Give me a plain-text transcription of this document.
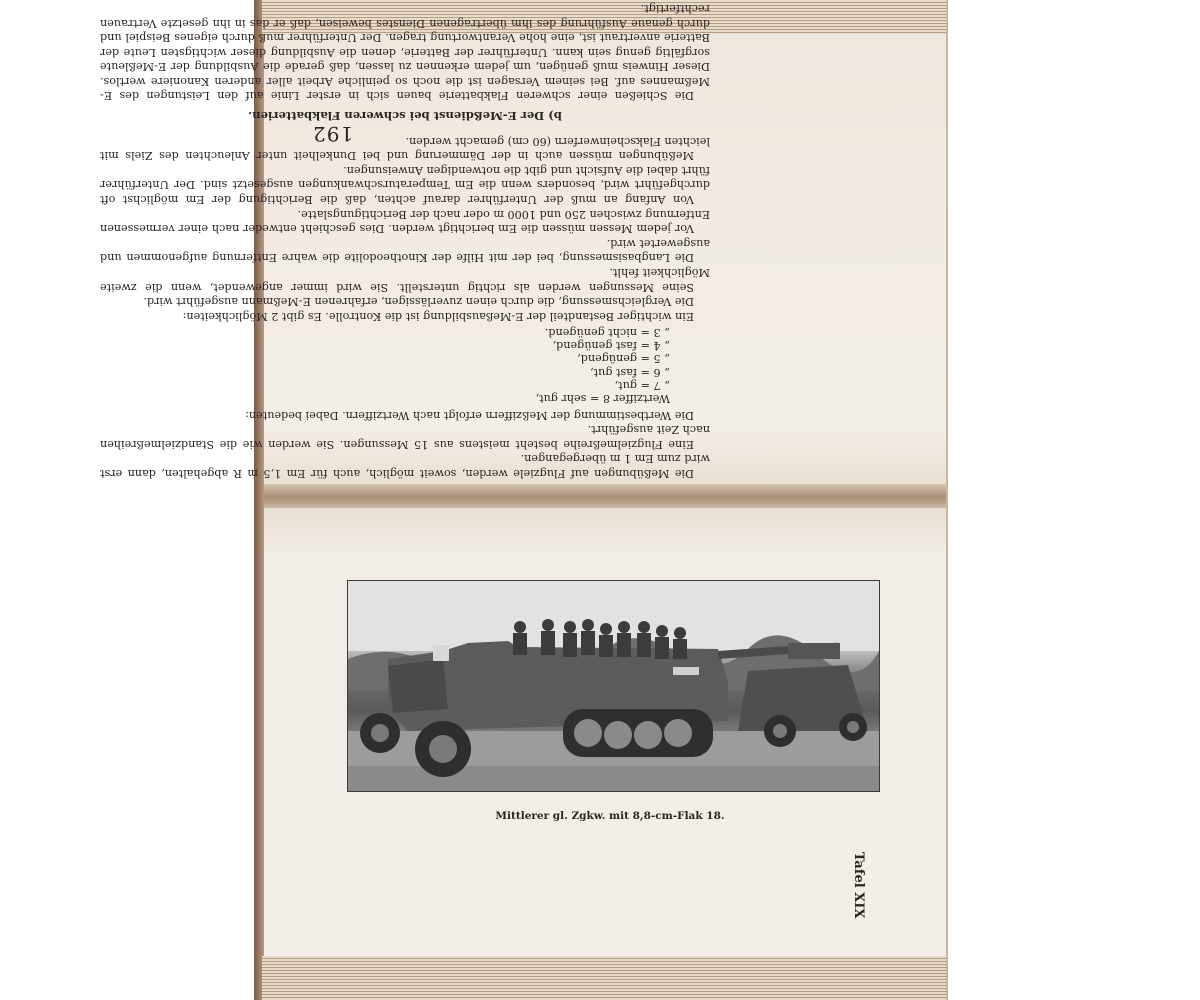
Die Meßübungen auf Flugziele werden, soweit möglich, auch für Em 1,5 m R abgehalten, dann erst wird zum Em 1 m übergegangen.

Eine Flugzielmeßreihe besteht meistens aus 15 Messungen. Sie werden wie die Standzielmeßreihen nach Zeit ausgeführt.

Die Wertbestimmung der Meßziffern erfolgt nach Wertziffern. Dabei bedeuten:

Wertziffer 8 = sehr gut,
„ 7 = gut,
„ 6 = fast gut,
„ 5 = genügend,
„ 4 = fast genügend,
„ 3 = nicht genügend.

Ein wichtiger Bestandteil der E-Meßausbildung ist die Kontrolle. Es gibt 2 Möglichkeiten:

Die Vergleichsmessung, die durch einen zuverlässigen, erfahrenen E-Meßmann ausgeführt wird.

Seine Messungen werden als richtig unterstellt. Sie wird immer angewendet, wenn die zweite Möglichkeit fehlt.

Die Langbasismessung, bei der mit Hilfe der Kinotheodolite die wahre Entfernung aufgenommen und ausgewertet wird.

Vor jedem Messen müssen die Em berichtigt werden. Dies geschieht entweder nach einer vermessenen Entfernung zwischen 250 und 1000 m oder nach der Berichtigungslatte.

Von Anfang an muß der Unterführer darauf achten, daß die Berichtigung der Em möglichst oft durchgeführt wird, besonders wenn die Em Temperaturschwankungen ausgesetzt sind. Der Unterführer führt dabei die Aufsicht und gibt die notwendigen Anweisungen.

Meßübungen müssen auch in der Dämmerung und bei Dunkelheit unter Anleuchten des Ziels mit leichten Flakscheinwerfern (60 cm) gemacht werden.

b) Der E-Meßdienst bei schweren Flakbatterien.

Die Schießen einer schweren Flakbatterie bauen sich in erster Linie auf den Leistungen des E-Meßmannes auf. Bei seinem Versagen ist die noch so peinliche Arbeit aller anderen Kanoniere wertlos. Dieser Hinweis muß genügen, um jedem erkennen zu lassen, daß gerade die Ausbildung der E-Meßleute sorgfältig genug sein kann. Unterführer der Batterie, denen die Ausbildung dieser wichtigsten Leute der Batterie anvertraut ist, eine hohe Verantwortung tragen. Der Unterführer muß durch eigenes Beispiel und durch genaue Ausführung des ihm übertragenen Dienstes beweisen, daß er das in ihn gesetzte Vertrauen rechtfertigt.

192
Mittlerer gl. Zgkw. mit 8,8-cm-Flak 18.
Tafel XIX
